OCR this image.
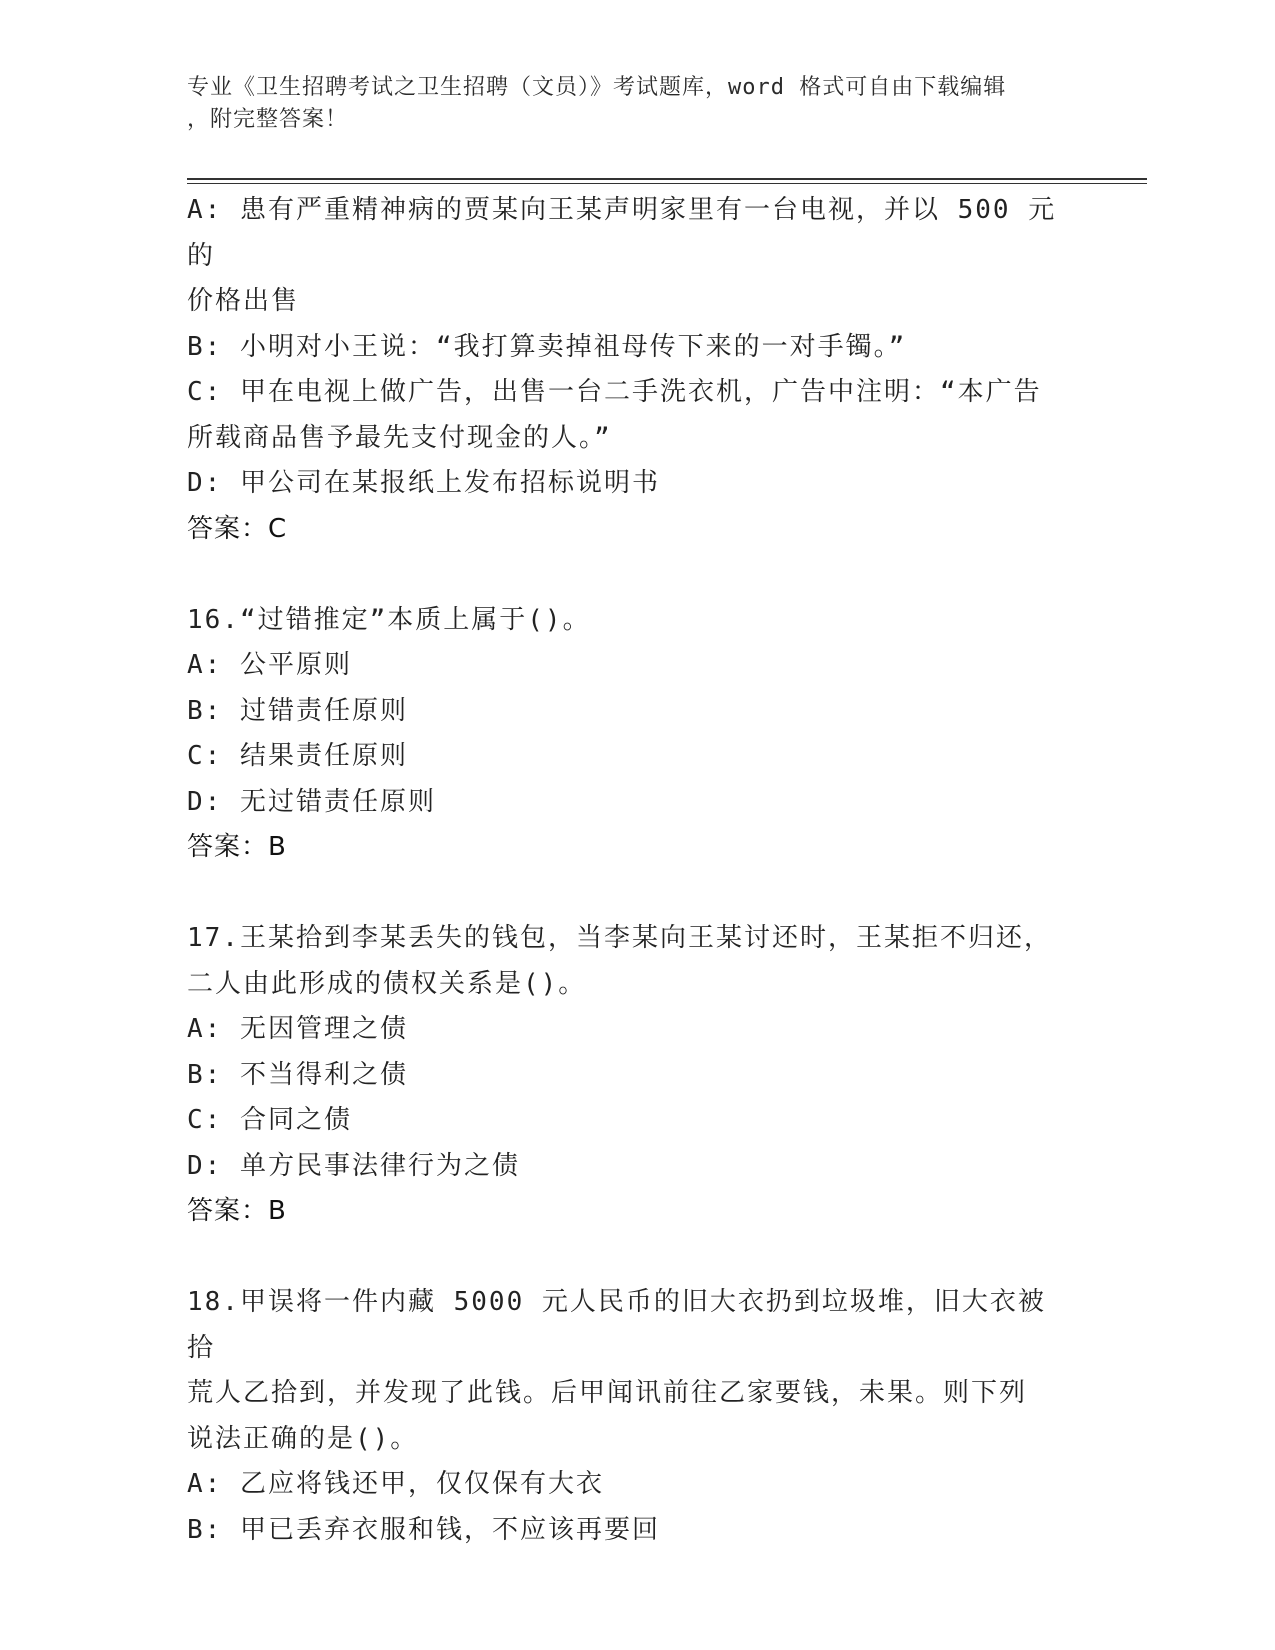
专业《卫生招聘考试之卫生招聘（文员）》考试题库，word 格式可自由下载编辑
，附完整答案！
A: 患有严重精神病的贾某向王某声明家里有一台电视，并以 500 元的
价格出售
B: 小明对小王说：“我打算卖掉祖母传下来的一对手镯。”
C: 甲在电视上做广告，出售一台二手洗衣机，广告中注明：“本广告
所载商品售予最先支付现金的人。”
D: 甲公司在某报纸上发布招标说明书
答案：C
16.“过错推定”本质上属于()。
A: 公平原则
B: 过错责任原则
C: 结果责任原则
D: 无过错责任原则
答案：B
17.王某拾到李某丢失的钱包，当李某向王某讨还时，王某拒不归还，
二人由此形成的债权关系是()。
A: 无因管理之债
B: 不当得利之债
C: 合同之债
D: 单方民事法律行为之债
答案：B
18.甲误将一件内藏 5000 元人民币的旧大衣扔到垃圾堆，旧大衣被拾
荒人乙拾到，并发现了此钱。后甲闻讯前往乙家要钱，未果。则下列
说法正确的是()。
A: 乙应将钱还甲，仅仅保有大衣
B: 甲已丢弃衣服和钱，不应该再要回
